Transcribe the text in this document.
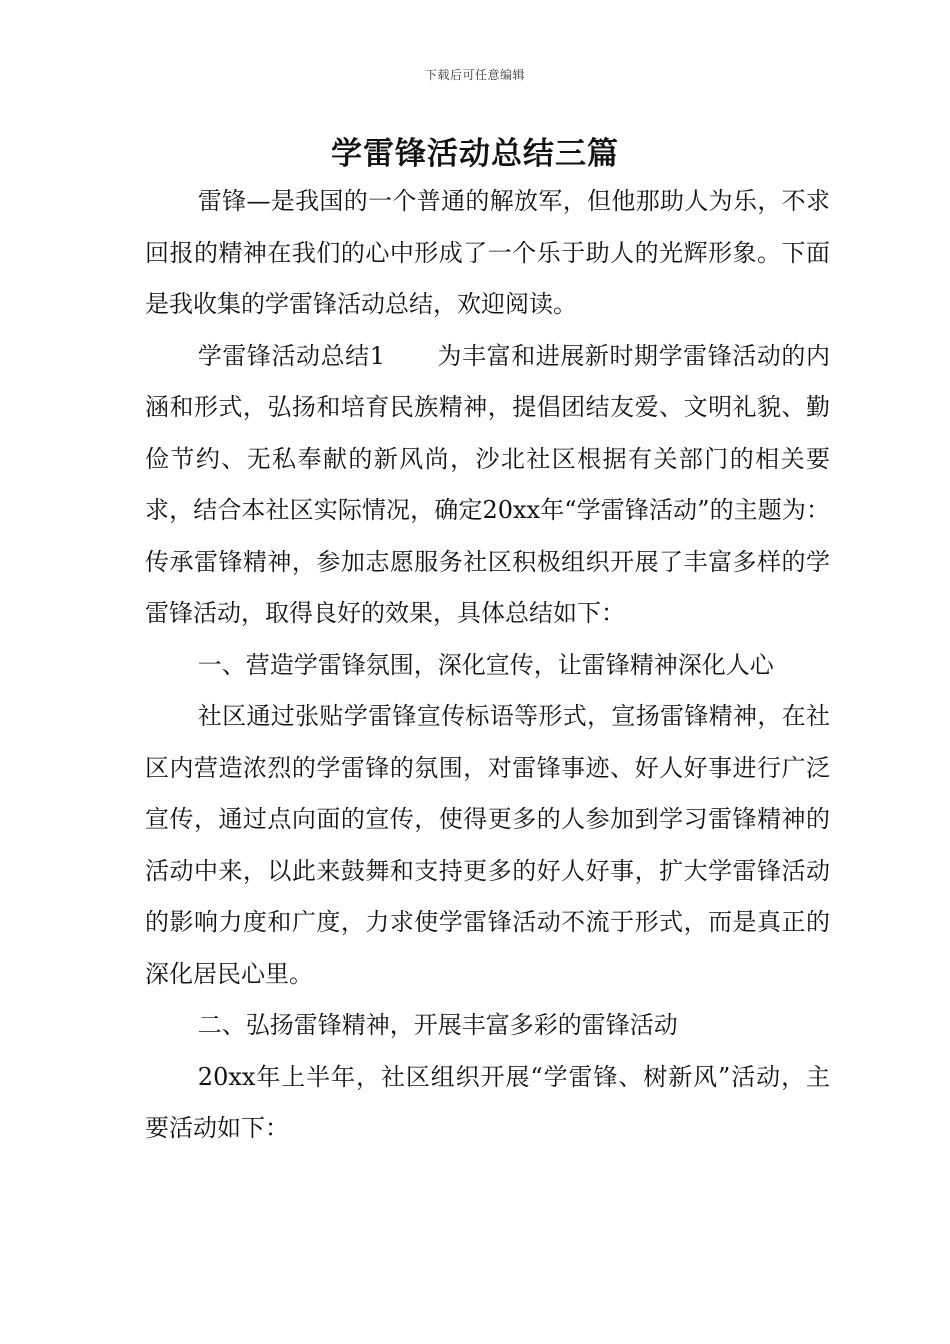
下载后可任意编辑
学雷锋活动总结三篇

雷锋—是我国的一个普通的解放军，但他那助人为乐，不求回报的精神在我们的心中形成了一个乐于助人的光辉形象。下面是我收集的学雷锋活动总结，欢迎阅读。

学雷锋活动总结1 为丰富和进展新时期学雷锋活动的内涵和形式，弘扬和培育民族精神，提倡团结友爱、文明礼貌、勤俭节约、无私奉献的新风尚，沙北社区根据有关部门的相关要求，结合本社区实际情况，确定20xx年“学雷锋活动”的主题为：传承雷锋精神，参加志愿服务社区积极组织开展了丰富多样的学雷锋活动，取得良好的效果，具体总结如下：

一、营造学雷锋氛围，深化宣传，让雷锋精神深化人心

社区通过张贴学雷锋宣传标语等形式，宣扬雷锋精神，在社区内营造浓烈的学雷锋的氛围，对雷锋事迹、好人好事进行广泛宣传，通过点向面的宣传，使得更多的人参加到学习雷锋精神的活动中来，以此来鼓舞和支持更多的好人好事，扩大学雷锋活动的影响力度和广度，力求使学雷锋活动不流于形式，而是真正的深化居民心里。

二、弘扬雷锋精神，开展丰富多彩的雷锋活动

20xx年上半年，社区组织开展“学雷锋、树新风”活动，主要活动如下：
